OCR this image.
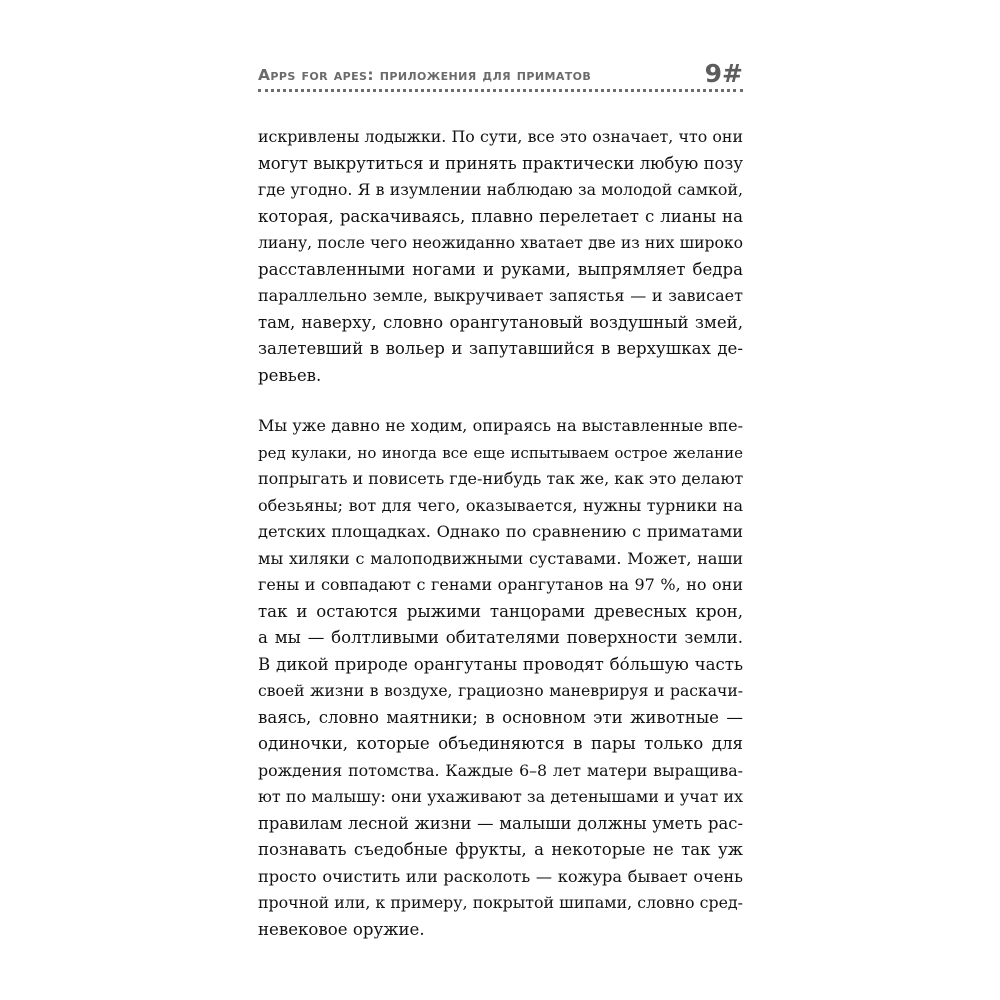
Apps for apes: приложения для приматов	9#

искривлены лодыжки. По сути, все это означает, что они
могут выкрутиться и принять практически любую позу
где угодно. Я в изумлении наблюдаю за молодой самкой,
которая, раскачиваясь, плавно перелетает с лианы на
лиану, после чего неожиданно хватает две из них широко
расставленными ногами и руками, выпрямляет бедра
параллельно земле, выкручивает запястья — и зависает
там, наверху, словно орангутановый воздушный змей,
залетевший в вольер и запутавшийся в верхушках де-
ревьев.

Мы уже давно не ходим, опираясь на выставленные впе-
ред кулаки, но иногда все еще испытываем острое желание
попрыгать и повисеть где-нибудь так же, как это делают
обезьяны; вот для чего, оказывается, нужны турники на
детских площадках. Однако по сравнению с приматами
мы хиляки с малоподвижными суставами. Может, наши
гены и совпадают с генами орангутанов на 97 %, но они
так и остаются рыжими танцорами древесных крон,
а мы — болтливыми обитателями поверхности земли.
В дикой природе орангутаны проводят бо́льшую часть
своей жизни в воздухе, грациозно маневрируя и раскачи-
ваясь, словно маятники; в основном эти животные —
одиночки, которые объединяются в пары только для
рождения потомства. Каждые 6–8 лет матери выращива-
ют по малышу: они ухаживают за детенышами и учат их
правилам лесной жизни — малыши должны уметь рас-
познавать съедобные фрукты, а некоторые не так уж
просто очистить или расколоть — кожура бывает очень
прочной или, к примеру, покрытой шипами, словно сред-
невековое оружие.
